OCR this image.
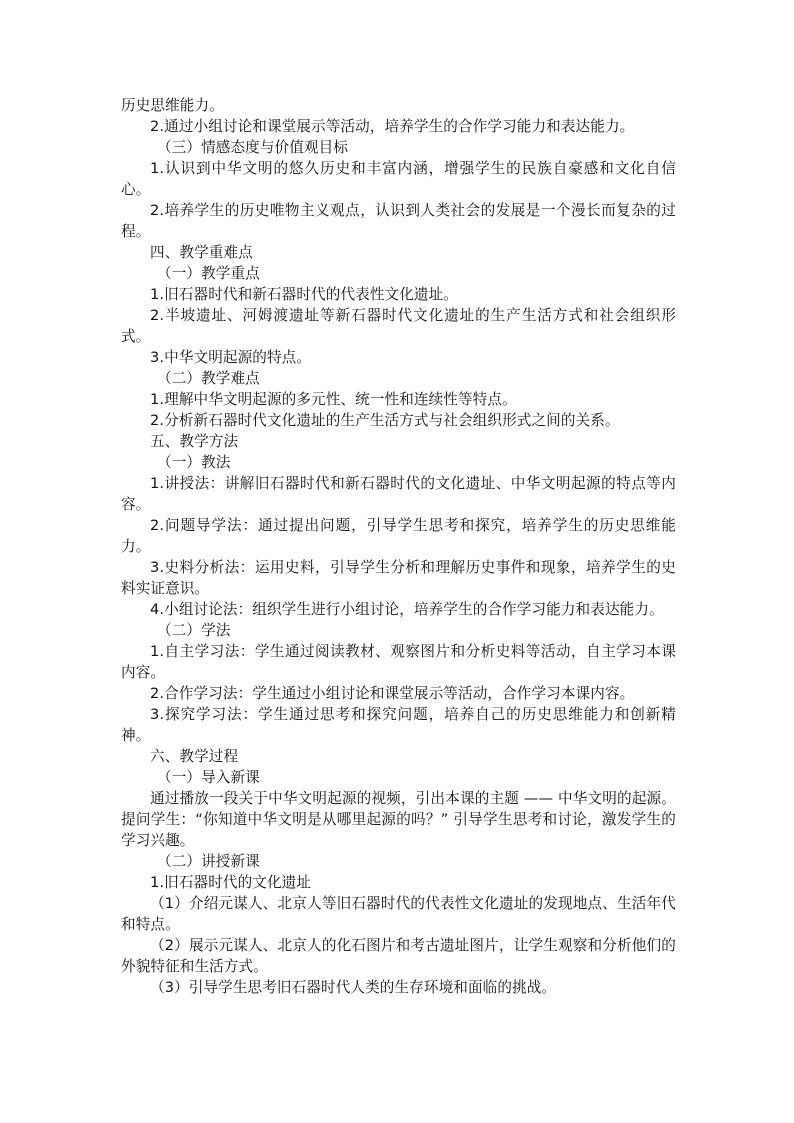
历史思维能力。

2.通过小组讨论和课堂展示等活动，培养学生的合作学习能力和表达能力。

（三）情感态度与价值观目标

1.认识到中华文明的悠久历史和丰富内涵，增强学生的民族自豪感和文化自信心。

2.培养学生的历史唯物主义观点，认识到人类社会的发展是一个漫长而复杂的过程。

四、教学重难点

（一）教学重点

1.旧石器时代和新石器时代的代表性文化遗址。

2.半坡遗址、河姆渡遗址等新石器时代文化遗址的生产生活方式和社会组织形式。

3.中华文明起源的特点。

（二）教学难点

1.理解中华文明起源的多元性、统一性和连续性等特点。

2.分析新石器时代文化遗址的生产生活方式与社会组织形式之间的关系。

五、教学方法

（一）教法

1.讲授法：讲解旧石器时代和新石器时代的文化遗址、中华文明起源的特点等内容。

2.问题导学法：通过提出问题，引导学生思考和探究，培养学生的历史思维能力。

3.史料分析法：运用史料，引导学生分析和理解历史事件和现象，培养学生的史料实证意识。

4.小组讨论法：组织学生进行小组讨论，培养学生的合作学习能力和表达能力。

（二）学法

1.自主学习法：学生通过阅读教材、观察图片和分析史料等活动，自主学习本课内容。

2.合作学习法：学生通过小组讨论和课堂展示等活动，合作学习本课内容。

3.探究学习法：学生通过思考和探究问题，培养自己的历史思维能力和创新精神。

六、教学过程

（一）导入新课

通过播放一段关于中华文明起源的视频，引出本课的主题 —— 中华文明的起源。提问学生：“你知道中华文明是从哪里起源的吗？” 引导学生思考和讨论，激发学生的学习兴趣。

（二）讲授新课

1.旧石器时代的文化遗址

（1）介绍元谋人、北京人等旧石器时代的代表性文化遗址的发现地点、生活年代和特点。

（2）展示元谋人、北京人的化石图片和考古遗址图片，让学生观察和分析他们的外貌特征和生活方式。

（3）引导学生思考旧石器时代人类的生存环境和面临的挑战。
